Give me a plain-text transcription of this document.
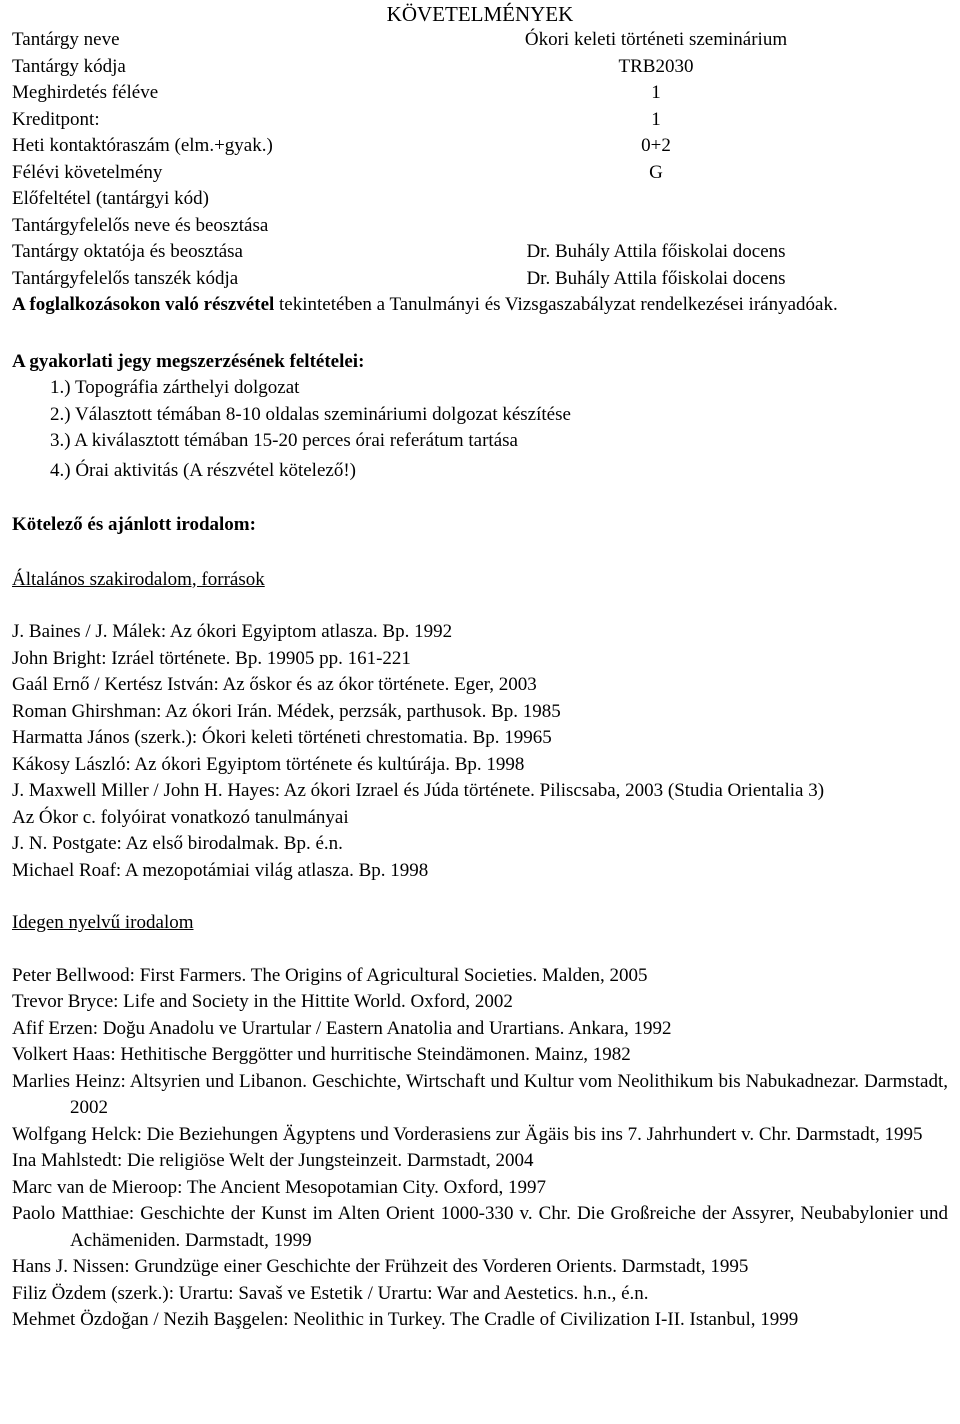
KÖVETELMÉNYEK
Tantárgy neve	Ókori keleti történeti szeminárium
Tantárgy kódja	TRB2030
Meghirdetés féléve	1
Kreditpont:	1
Heti kontaktóraszám (elm.+gyak.)	0+2
Félévi követelmény	G
Előfeltétel (tantárgyi kód)	
Tantárgyfelelős neve és beosztása	
Tantárgy oktatója és beosztása	Dr. Buhály Attila főiskolai docens
Tantárgyfelelős tanszék kódja	Dr. Buhály Attila főiskolai docens

A foglalkozásokon való részvétel tekintetében a Tanulmányi és Vizsgaszabályzat rendelkezései irányadóak.

A gyakorlati jegy megszerzésének feltételei:

1.) Topográfia zárthelyi dolgozat
2.) Választott témában 8-10 oldalas szemináriumi dolgozat készítése
3.) A kiválasztott témában 15-20 perces órai referátum tartása
4.) Órai aktivitás (A részvétel kötelező!)

Kötelező és ajánlott irodalom:

Általános szakirodalom, források

J. Baines / J. Málek: Az ókori Egyiptom atlasza. Bp. 1992

John Bright: Izráel története. Bp. 19905 pp. 161-221

Gaál Ernő / Kertész István: Az őskor és az ókor története. Eger, 2003

Roman Ghirshman: Az ókori Irán. Médek, perzsák, parthusok. Bp. 1985

Harmatta János (szerk.): Ókori keleti történeti chrestomatia. Bp. 19965

Kákosy László: Az ókori Egyiptom története és kultúrája. Bp. 1998

J. Maxwell Miller / John H. Hayes: Az ókori Izrael és Júda története. Piliscsaba, 2003 (Studia Orientalia 3)

Az Ókor c. folyóirat vonatkozó tanulmányai

J. N. Postgate: Az első birodalmak. Bp. é.n.

Michael Roaf: A mezopotámiai világ atlasza. Bp. 1998

Idegen nyelvű irodalom

Peter Bellwood: First Farmers. The Origins of Agricultural Societies. Malden, 2005

Trevor Bryce: Life and Society in the Hittite World. Oxford, 2002

Afif Erzen: Doğu Anadolu ve Urartular / Eastern Anatolia and Urartians. Ankara, 1992

Volkert Haas: Hethitische Berggötter und hurritische Steindämonen. Mainz, 1982

Marlies Heinz: Altsyrien und Libanon. Geschichte, Wirtschaft und Kultur vom Neolithikum bis Nabukadnezar. Darmstadt, 2002

Wolfgang Helck: Die Beziehungen Ägyptens und Vorderasiens zur Ägäis bis ins 7. Jahrhundert v. Chr. Darmstadt, 1995

Ina Mahlstedt: Die religiöse Welt der Jungsteinzeit. Darmstadt, 2004

Marc van de Mieroop: The Ancient Mesopotamian City. Oxford, 1997

Paolo Matthiae: Geschichte der Kunst im Alten Orient 1000-330 v. Chr. Die Großreiche der Assyrer, Neubabylonier und Achämeniden. Darmstadt, 1999

Hans J. Nissen: Grundzüge einer Geschichte der Frühzeit des Vorderen Orients. Darmstadt, 1995

Filiz Özdem (szerk.): Urartu: Savaš ve Estetik / Urartu: War and Aestetics. h.n., é.n.

Mehmet Özdoğan / Nezih Başgelen: Neolithic in Turkey. The Cradle of Civilization I-II. Istanbul, 1999
